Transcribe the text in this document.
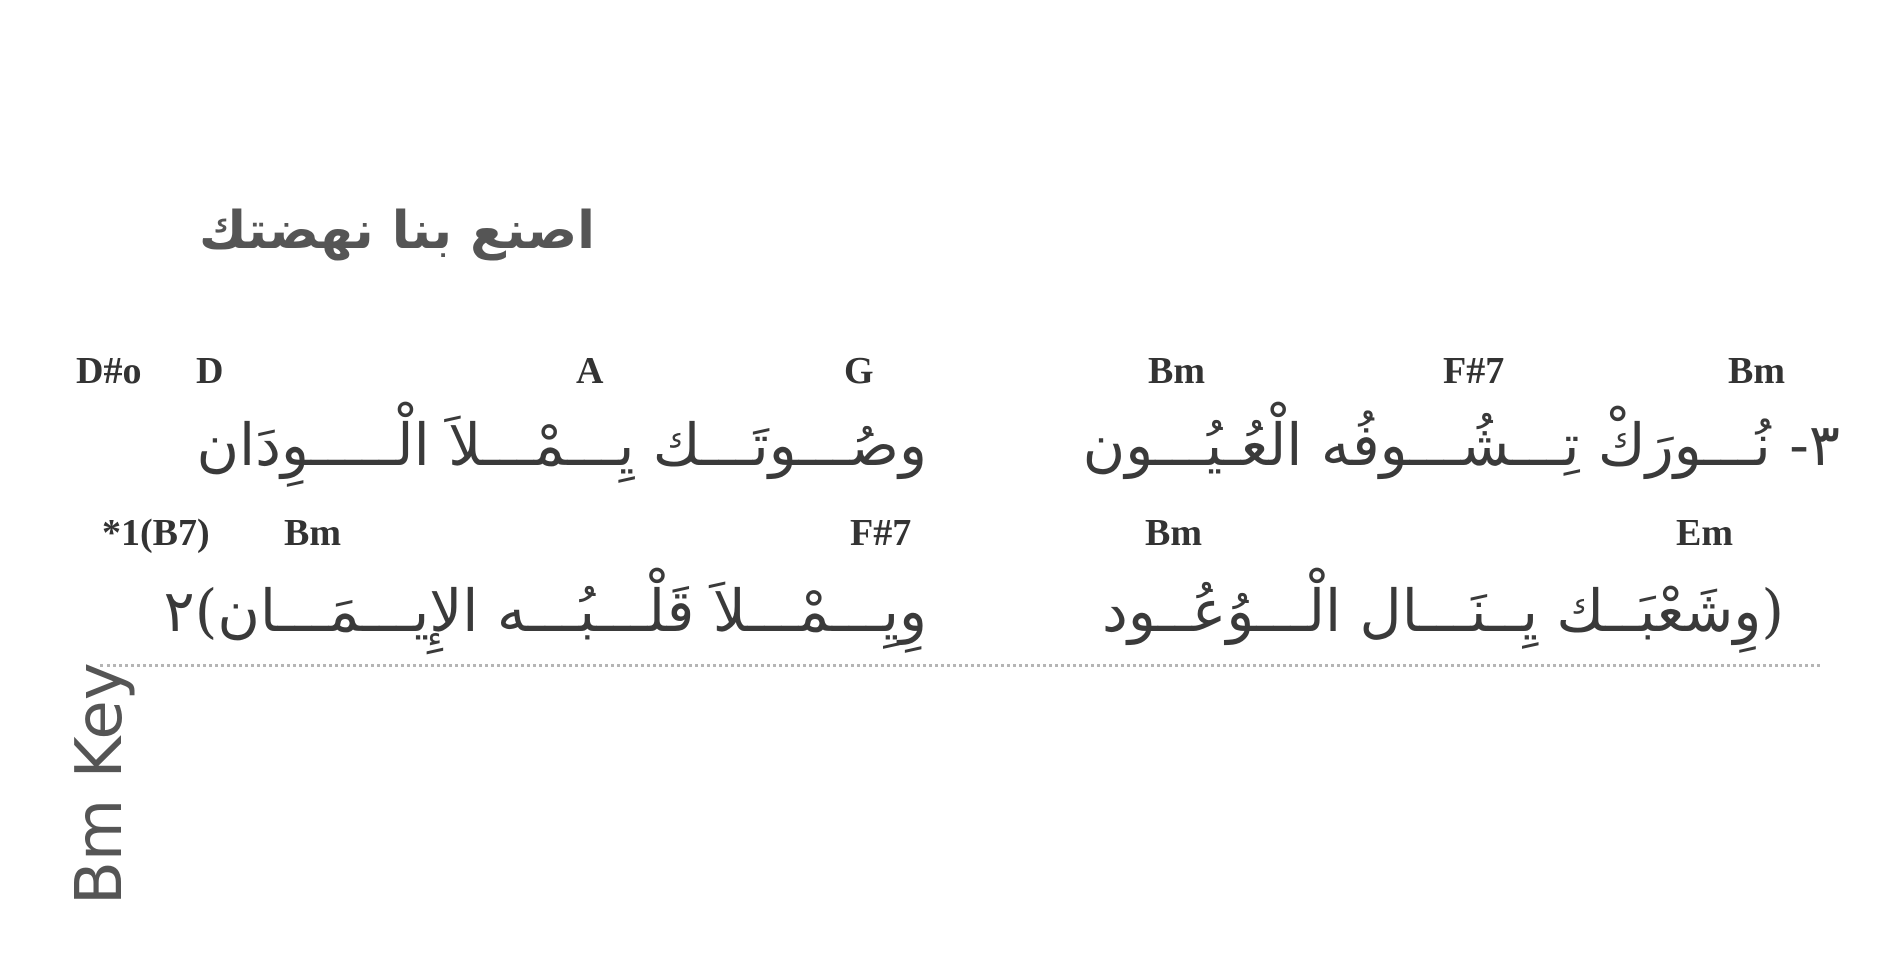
اصنع بنا نهضتك
D#o D	A	G	Bm	F#7	Bm
٣- نُـــورَكْ تِـــشُـــوفُه الْعُـيُـــون
وصُـــوتَـــك يِـــمْـــلاَ الْـــــوِدَان
*1(B7) Bm	F#7	Bm	Em
(وِشَعْبَــك يِــنَـــال الْـــوُعُــود
وِيِـــمْـــلاَ قَلْـــبُـــه الإِيـــمَـــان)٢
Bm Key
